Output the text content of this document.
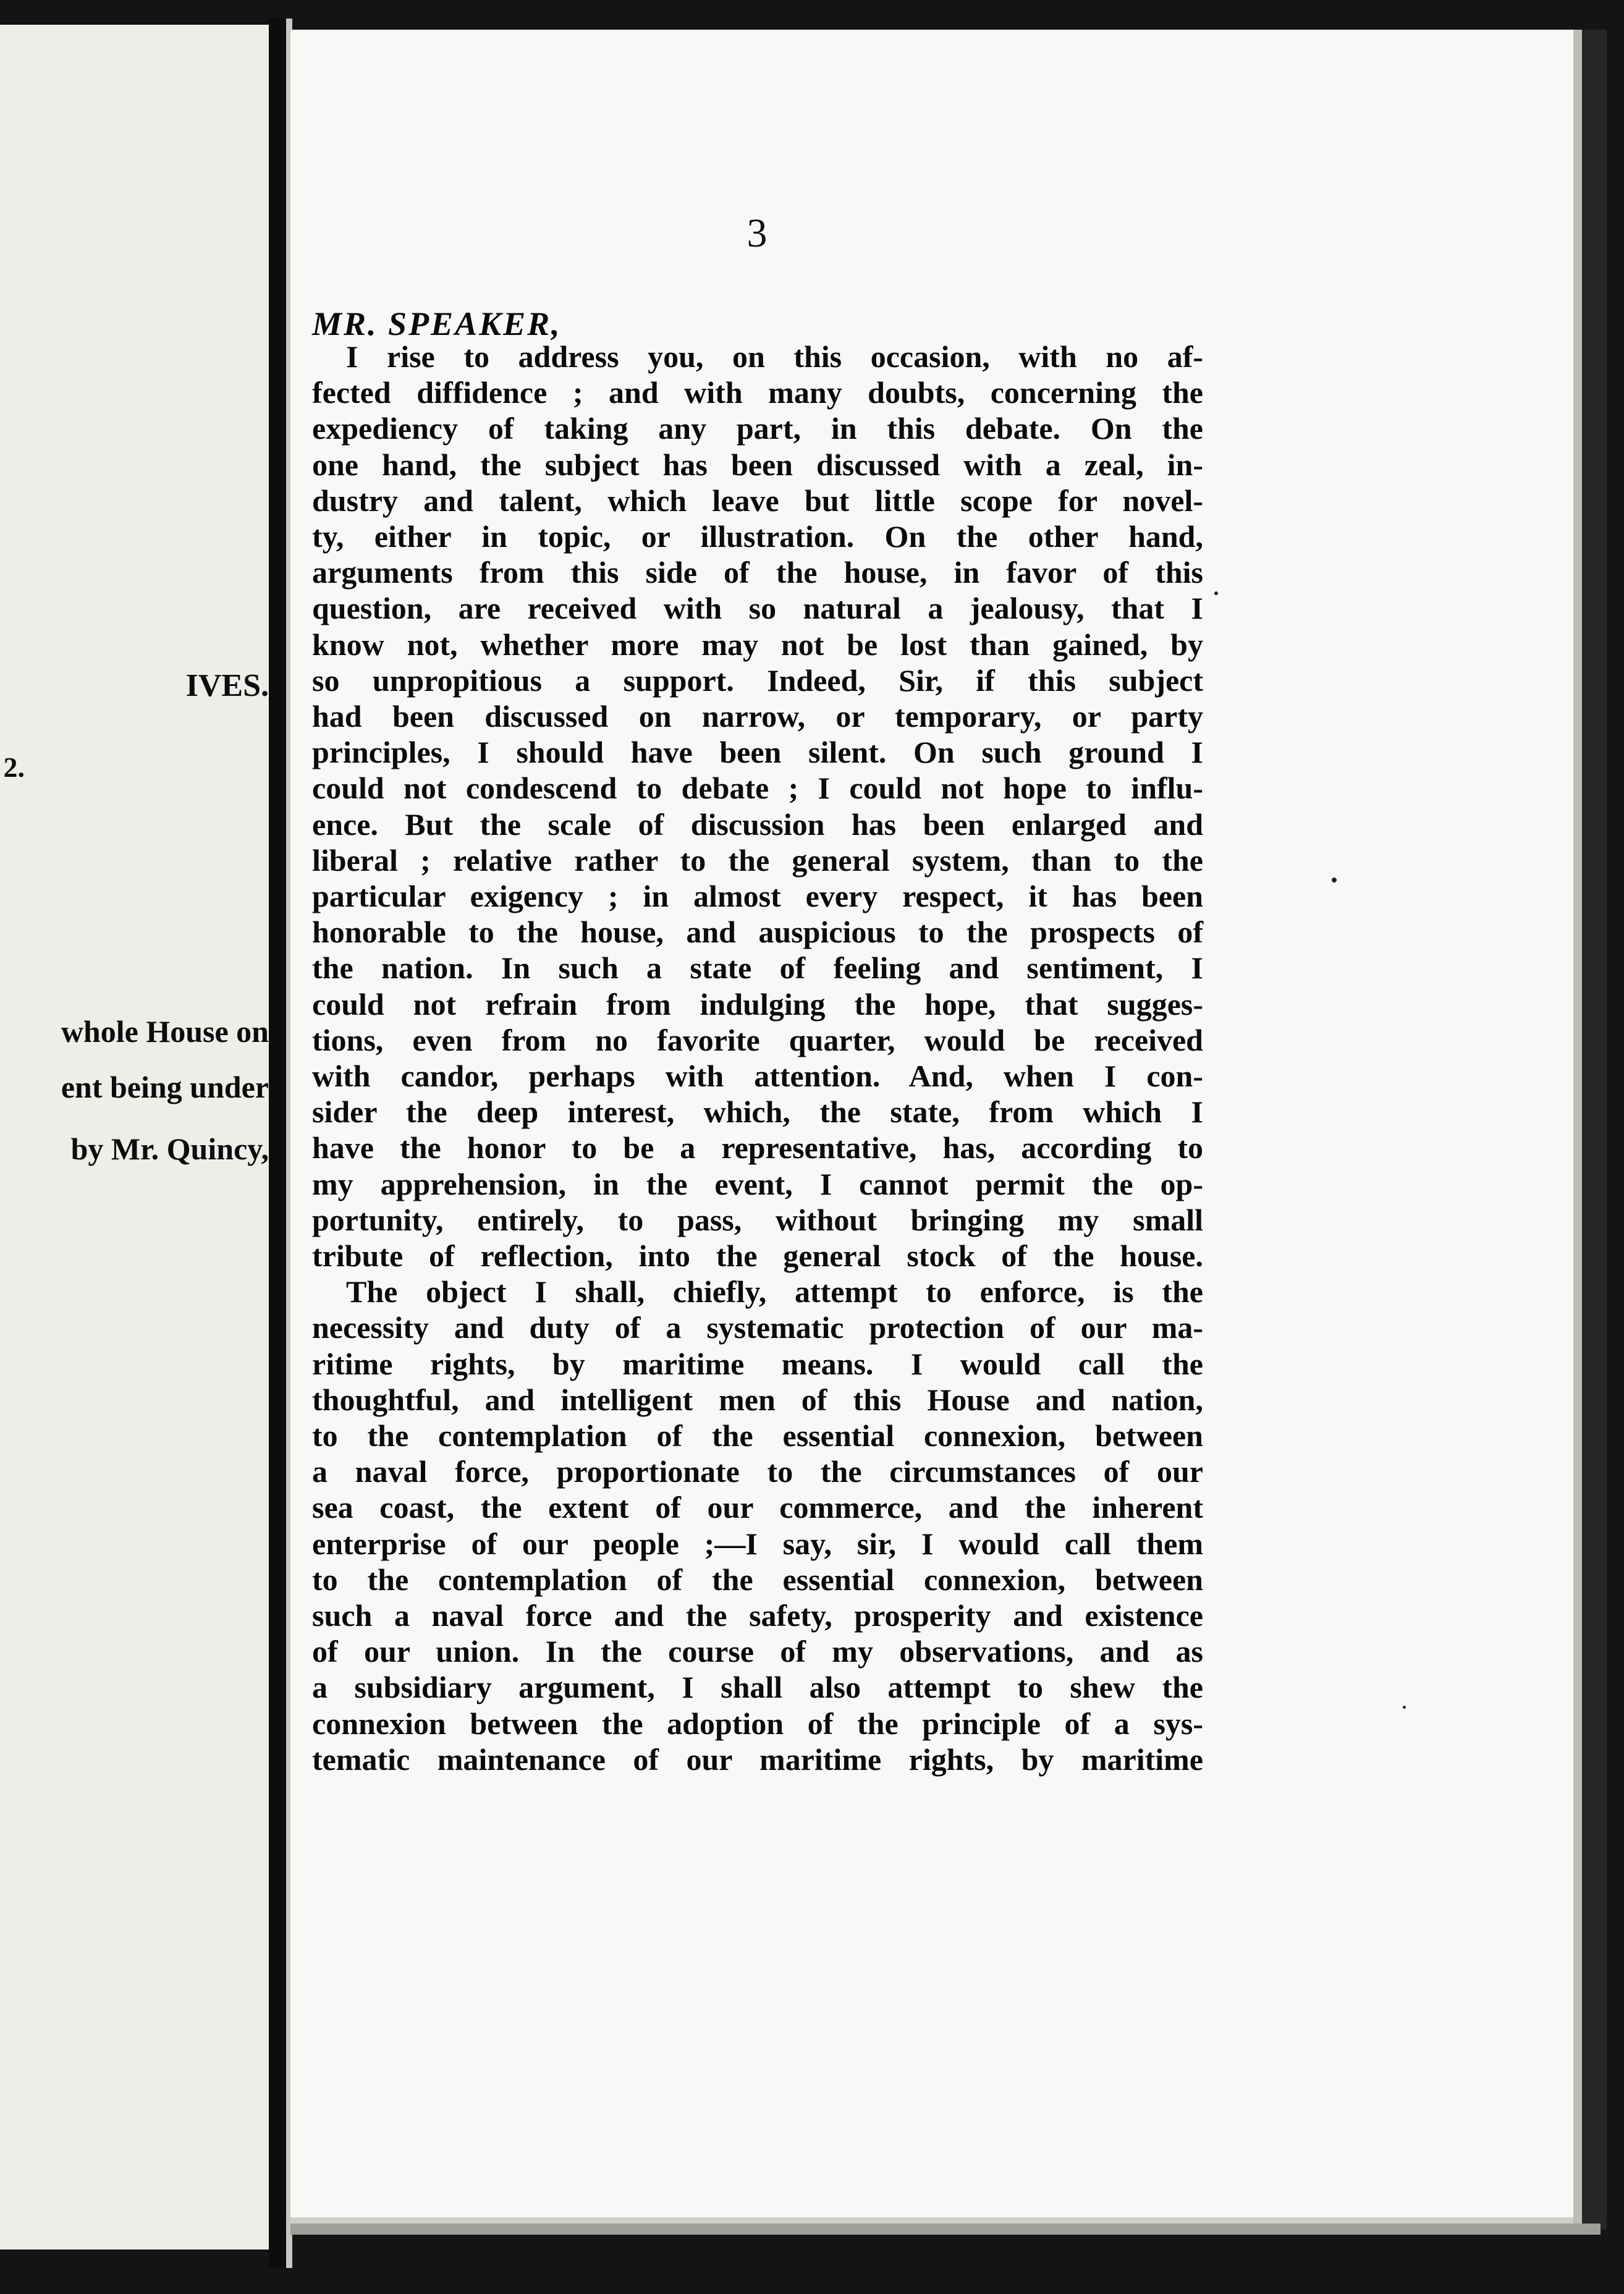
IVES.
2.
whole House on
ent being under
by Mr. Quincy,
3
MR. SPEAKER,
I rise to address you, on this occasion, with no af-
fected diffidence ; and with many doubts, concerning the
expediency of taking any part, in this debate. On the
one hand, the subject has been discussed with a zeal, in-
dustry and talent, which leave but little scope for novel-
ty, either in topic, or illustration. On the other hand,
arguments from this side of the house, in favor of this
question, are received with so natural a jealousy, that I
know not, whether more may not be lost than gained, by
so unpropitious a support. Indeed, Sir, if this subject
had been discussed on narrow, or temporary, or party
principles, I should have been silent. On such ground I
could not condescend to debate ; I could not hope to influ-
ence. But the scale of discussion has been enlarged and
liberal ; relative rather to the general system, than to the
particular exigency ; in almost every respect, it has been
honorable to the house, and auspicious to the prospects of
the nation. In such a state of feeling and sentiment, I
could not refrain from indulging the hope, that sugges-
tions, even from no favorite quarter, would be received
with candor, perhaps with attention. And, when I con-
sider the deep interest, which, the state, from which I
have the honor to be a representative, has, according to
my apprehension, in the event, I cannot permit the op-
portunity, entirely, to pass, without bringing my small
tribute of reflection, into the general stock of the house.
The object I shall, chiefly, attempt to enforce, is the
necessity and duty of a systematic protection of our ma-
ritime rights, by maritime means. I would call the
thoughtful, and intelligent men of this House and nation,
to the contemplation of the essential connexion, between
a naval force, proportionate to the circumstances of our
sea coast, the extent of our commerce, and the inherent
enterprise of our people ;—I say, sir, I would call them
to the contemplation of the essential connexion, between
such a naval force and the safety, prosperity and existence
of our union. In the course of my observations, and as
a subsidiary argument, I shall also attempt to shew the
connexion between the adoption of the principle of a sys-
tematic maintenance of our maritime rights, by maritime
